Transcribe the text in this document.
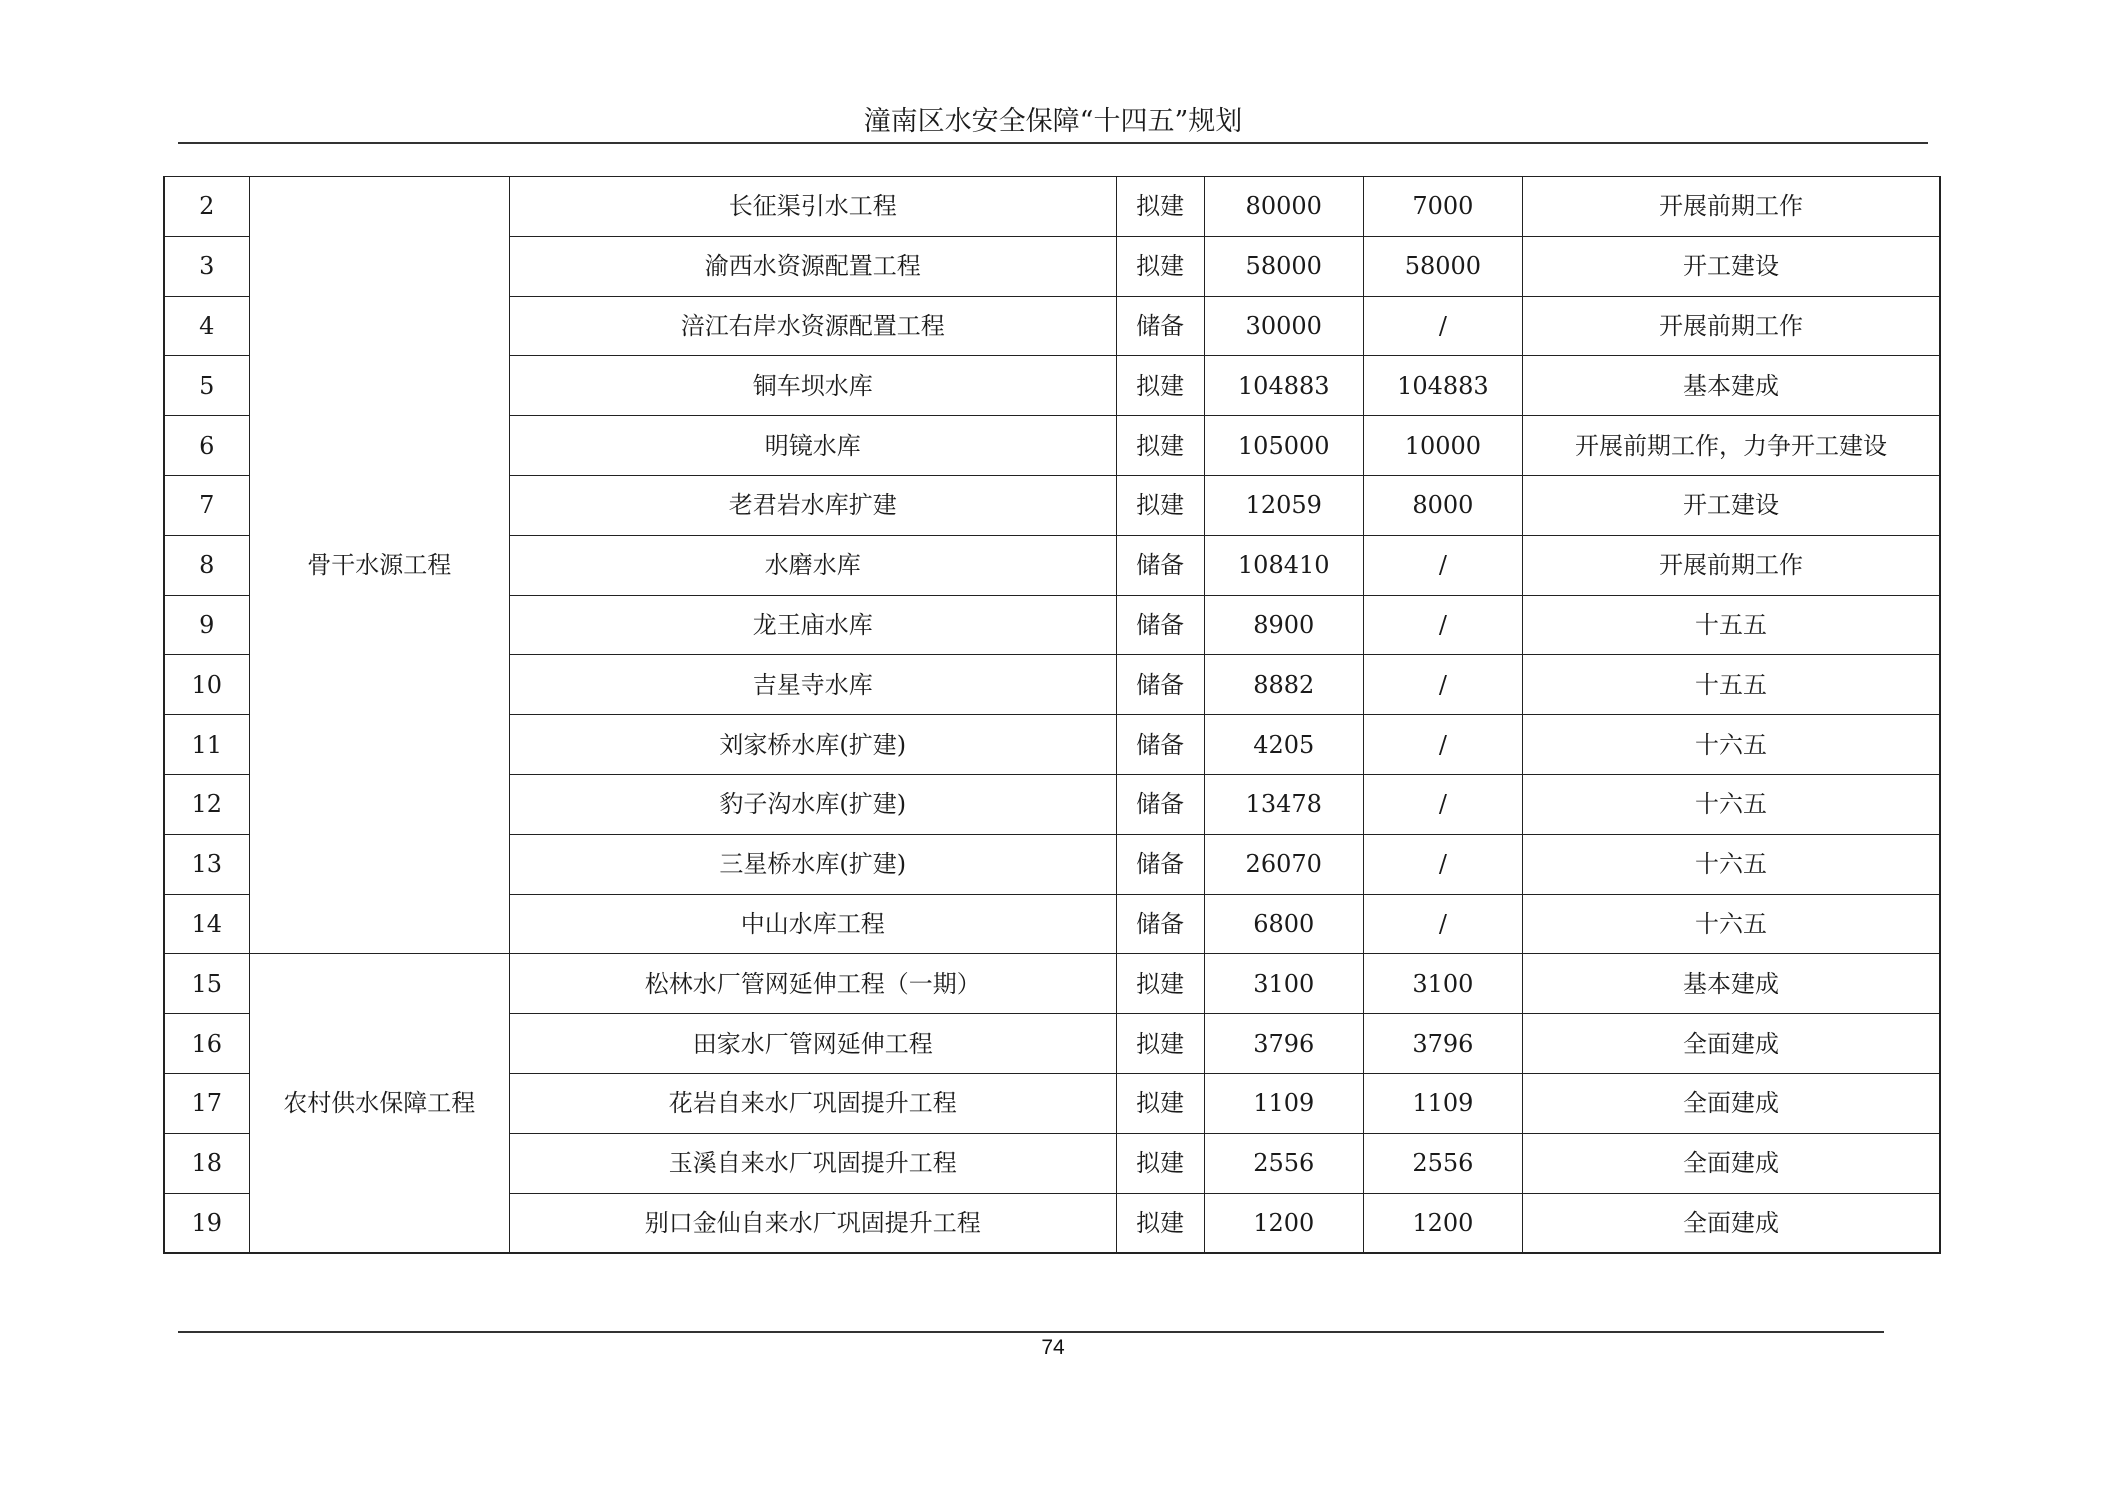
潼南区水安全保障“十四五”规划
2	骨干水源工程	长征渠引水工程	拟建	80000	7000	开展前期工作
3		渝西水资源配置工程	拟建	58000	58000	开工建设
4		涪江右岸水资源配置工程	储备	30000	/	开展前期工作
5		铜车坝水库	拟建	104883	104883	基本建成
6		明镜水库	拟建	105000	10000	开展前期工作，力争开工建设
7		老君岩水库扩建	拟建	12059	8000	开工建设
8		水磨水库	储备	108410	/	开展前期工作
9		龙王庙水库	储备	8900	/	十五五
10		吉星寺水库	储备	8882	/	十五五
11		刘家桥水库(扩建)	储备	4205	/	十六五
12		豹子沟水库(扩建)	储备	13478	/	十六五
13		三星桥水库(扩建)	储备	26070	/	十六五
14		中山水库工程	储备	6800	/	十六五
15	农村供水保障工程	松林水厂管网延伸工程（一期）	拟建	3100	3100	基本建成
16		田家水厂管网延伸工程	拟建	3796	3796	全面建成
17		花岩自来水厂巩固提升工程	拟建	1109	1109	全面建成
18		玉溪自来水厂巩固提升工程	拟建	2556	2556	全面建成
19		别口金仙自来水厂巩固提升工程	拟建	1200	1200	全面建成
74
